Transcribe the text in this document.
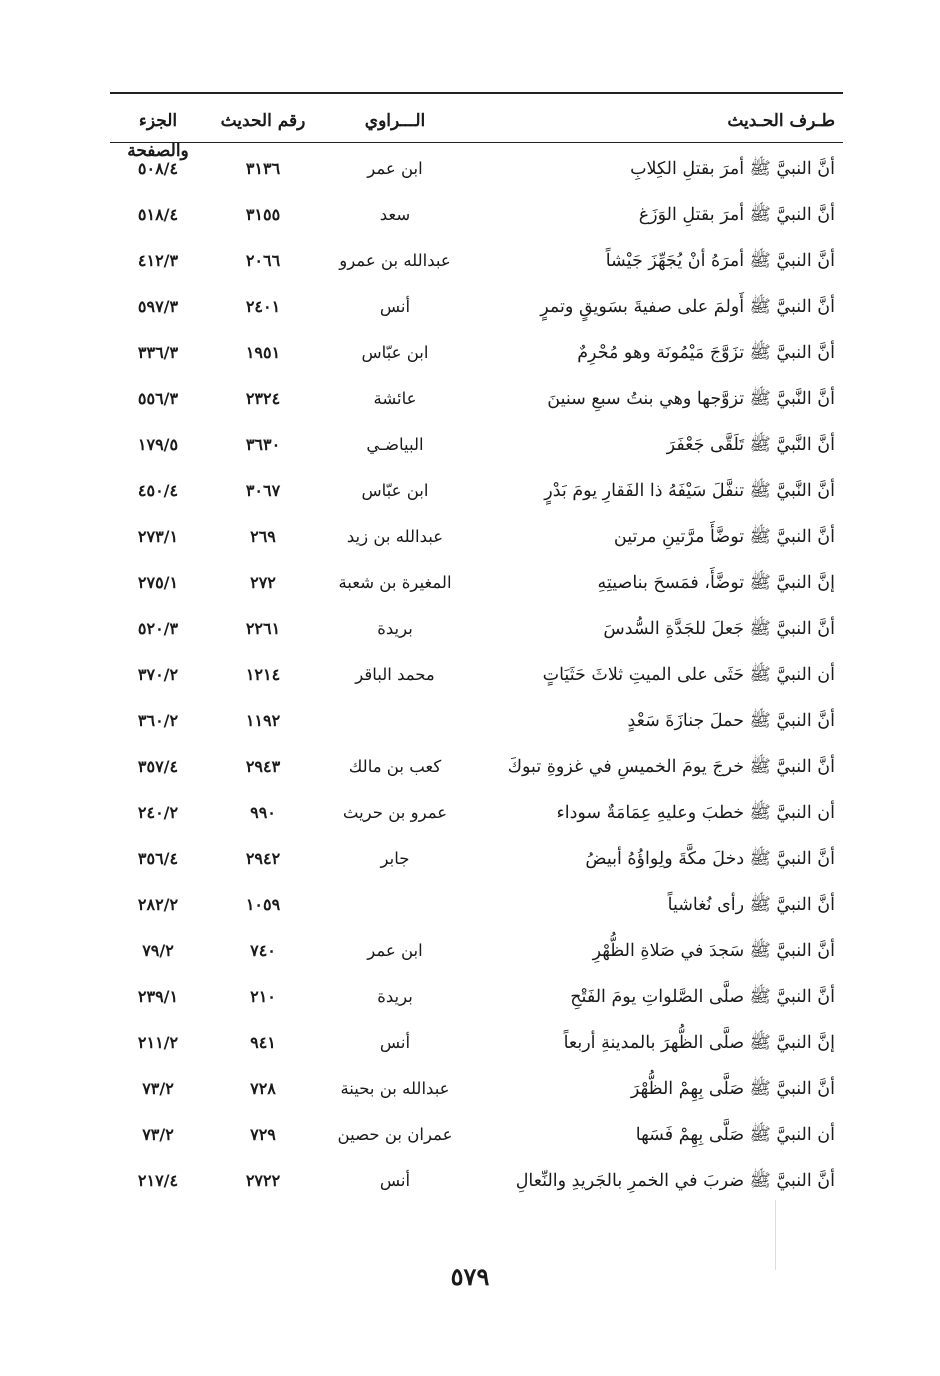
طـرف الحـديث
الـــراوي
رقم الحديث
الجزء والصفحة
أنَّ النبيَّ ﷺ أمرَ بقتلِ الكِلابِ
ابن عمر
٣١٣٦
٥٠٨/٤
أنَّ النبيَّ ﷺ أمرَ بقتلِ الوَزَغ
سعد
٣١٥٥
٥١٨/٤
أنَّ النبيَّ ﷺ أمرَهُ أنْ يُجَهِّزَ جَيْشاً
عبدالله بن عمرو
٢٠٦٦
٤١٢/٣
أنَّ النبيَّ ﷺ أَولمَ على صفيةَ بسَويقٍ وتمرٍ
أنس
٢٤٠١
٥٩٧/٣
أنَّ النبيَّ ﷺ تزَوَّجَ مَيْمُونَة وهو مُحْرِمٌ
ابن عبّاس
١٩٥١
٣٣٦/٣
أنَّ النَّبيَّ ﷺ تزوَّجها وهي بنتُ سبعِ سنينَ
عائشة
٢٣٢٤
٥٥٦/٣
أنَّ النَّبيَّ ﷺ تَلَقَّى جَعْفَرَ
البياضـي
٣٦٣٠
١٧٩/٥
أنَّ النَّبيَّ ﷺ تنفَّلَ سَيْفَهُ ذا الفَقارِ يومَ بَدْرٍ
ابن عبّاس
٣٠٦٧
٤٥٠/٤
أنَّ النبيَّ ﷺ توضَّأَ مرَّتينِ مرتين
عبدالله بن زيد
٢٦٩
٢٧٣/١
إنَّ النبيَّ ﷺ توضَّأَ، فمَسحَ بناصيتِهِ
المغيرة بن شعبة
٢٧٢
٢٧٥/١
أنَّ النبيَّ ﷺ جَعلَ للجَدَّةِ السُّدسَ
بريدة
٢٢٦١
٥٢٠/٣
أن النبيَّ ﷺ حَثَى على الميتِ ثلاثَ حَثَيَاتٍ
محمد الباقر
١٢١٤
٣٧٠/٢
أنَّ النبيَّ ﷺ حملَ جنازَةَ سَعْدٍ
١١٩٢
٣٦٠/٢
أنَّ النبيَّ ﷺ خرجَ يومَ الخميسِ في غزوةِ تبوكَ
كعب بن مالك
٢٩٤٣
٣٥٧/٤
أن النبيَّ ﷺ خطبَ وعليهِ عِمَامَةٌ سوداء
عمرو بن حريث
٩٩٠
٢٤٠/٢
أنَّ النبيَّ ﷺ دخلَ مكَّةَ ولِواؤُهُ أبيضُ
جابر
٢٩٤٢
٣٥٦/٤
أنَّ النبيَّ ﷺ رأى نُغاشياً
١٠٥٩
٢٨٢/٢
أنَّ النبيَّ ﷺ سَجدَ في صَلاةِ الظُّهْرِ
ابن عمر
٧٤٠
٧٩/٢
أنَّ النبيَّ ﷺ صلَّى الصَّلواتِ يومَ الفَتْحِ
بريدة
٢١٠
٢٣٩/١
إنَّ النبيَّ ﷺ صلَّى الظُّهرَ بالمدينةِ أربعاً
أنس
٩٤١
٢١١/٢
أنَّ النبيَّ ﷺ صَلَّى بِهِمْ الظُّهْرَ
عبدالله بن بحينة
٧٢٨
٧٣/٢
أن النبيَّ ﷺ صَلَّى بِهِمْ فَسَها
عمران بن حصين
٧٢٩
٧٣/٢
أنَّ النبيَّ ﷺ ضربَ في الخمرِ بالجَريدِ والنِّعالِ
أنس
٢٧٢٢
٢١٧/٤
٥٧٩
